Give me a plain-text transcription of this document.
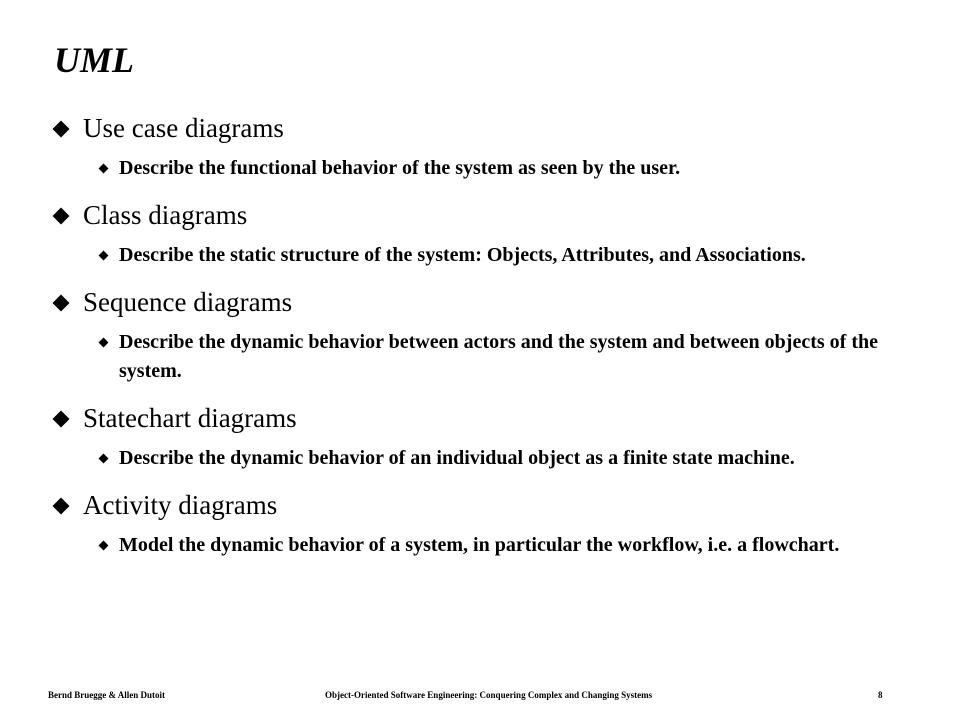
UML
Use case diagrams
Describe the functional behavior of the system as seen by the user.
Class diagrams
Describe the static structure of the system: Objects, Attributes, and Associations.
Sequence diagrams
Describe the dynamic behavior between actors and the system and between objects of the system.
Statechart diagrams
Describe the dynamic behavior of an individual object as a finite state machine.
Activity diagrams
Model the dynamic behavior of a system, in particular the workflow, i.e. a flowchart.
Bernd Bruegge & Allen Dutoit	Object-Oriented Software Engineering: Conquering Complex and Changing Systems	8
